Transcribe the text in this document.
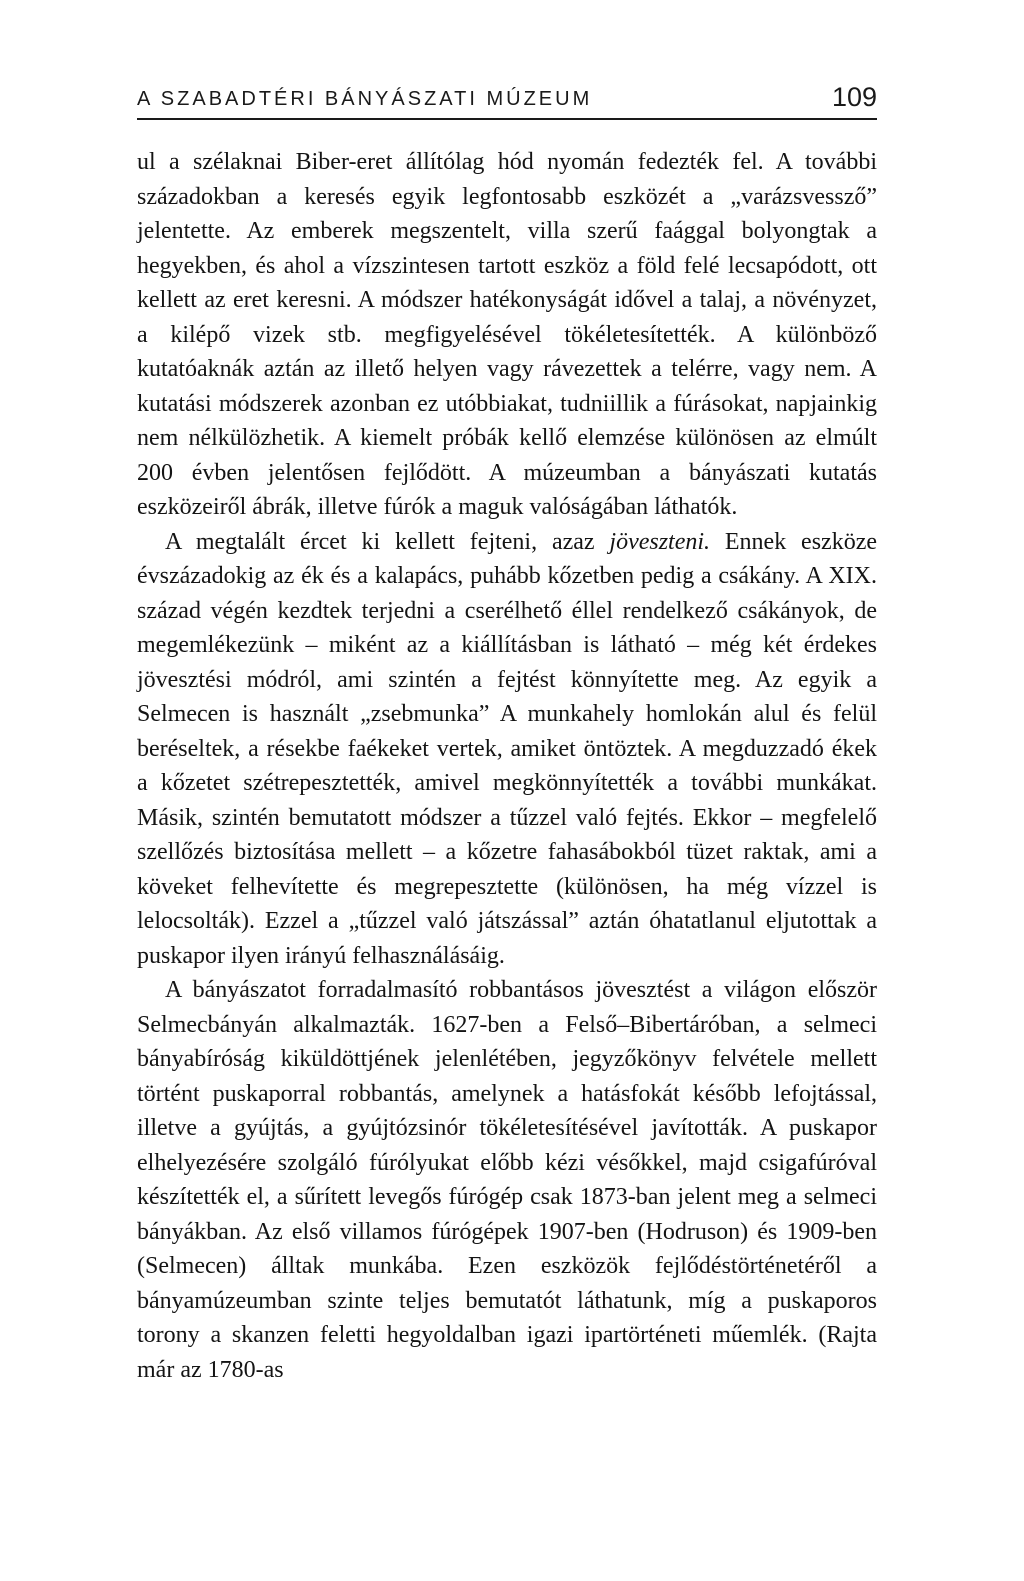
A SZABADTÉRI BÁNYÁSZATI MÚZEUM	109

ul a szélaknai Biber-eret állítólag hód nyomán fedezték fel. A további századokban a keresés egyik legfontosabb eszközét a „varázsvessző” jelentette. Az emberek megszentelt, villa szerű faággal bolyongtak a hegyekben, és ahol a vízszintesen tartott eszköz a föld felé lecsapódott, ott kellett az eret keresni. A módszer hatékonyságát idővel a talaj, a növényzet, a kilépő vizek stb. megfigyelésével tökéletesítették. A különböző kutatóaknák aztán az illető helyen vagy rávezettek a telérre, vagy nem. A kutatási módszerek azonban ez utóbbiakat, tudniillik a fúrásokat, napjainkig nem nélkülözhetik. A kiemelt próbák kellő elemzése különösen az elmúlt 200 évben jelentősen fejlődött. A múzeumban a bányászati kutatás eszközeiről ábrák, illetve fúrók a maguk valóságában láthatók.

A megtalált ércet ki kellett fejteni, azaz jöveszteni. Ennek eszköze évszázadokig az ék és a kalapács, puhább kőzetben pedig a csákány. A XIX. század végén kezdtek terjedni a cserélhető éllel rendelkező csákányok, de megemlékezünk – miként az a kiállításban is látható – még két érdekes jövesztési módról, ami szintén a fejtést könnyítette meg. Az egyik a Selmecen is használt „zsebmunka” A munkahely homlokán alul és felül beréseltek, a résekbe faékeket vertek, amiket öntöztek. A megduzzadó ékek a kőzetet szétrepesztették, amivel megkönnyítették a további munkákat. Másik, szintén bemutatott módszer a tűzzel való fejtés. Ekkor – megfelelő szellőzés biztosítása mellett – a kőzetre fahasábokból tüzet raktak, ami a köveket felhevítette és megrepesztette (különösen, ha még vízzel is lelocsolták). Ezzel a „tűzzel való játszással” aztán óhatatlanul eljutottak a puskapor ilyen irányú felhasználásáig.

A bányászatot forradalmasító robbantásos jövesztést a világon először Selmecbányán alkalmazták. 1627-ben a Felső–Bibertáróban, a selmeci bányabíróság kiküldöttjének jelenlétében, jegyzőkönyv felvétele mellett történt puskaporral robbantás, amelynek a hatásfokát később lefojtással, illetve a gyújtás, a gyújtózsinór tökéletesítésével javították. A puskapor elhelyezésére szolgáló fúrólyukat előbb kézi vésőkkel, majd csigafúróval készítették el, a sűrített levegős fúrógép csak 1873-ban jelent meg a selmeci bányákban. Az első villamos fúrógépek 1907-ben (Hodruson) és 1909-ben (Selmecen) álltak munkába. Ezen eszközök fejlődéstörténetéről a bányamúzeumban szinte teljes bemutatót láthatunk, míg a puskaporos torony a skanzen feletti hegyoldalban igazi ipartörténeti műemlék. (Rajta már az 1780-as
